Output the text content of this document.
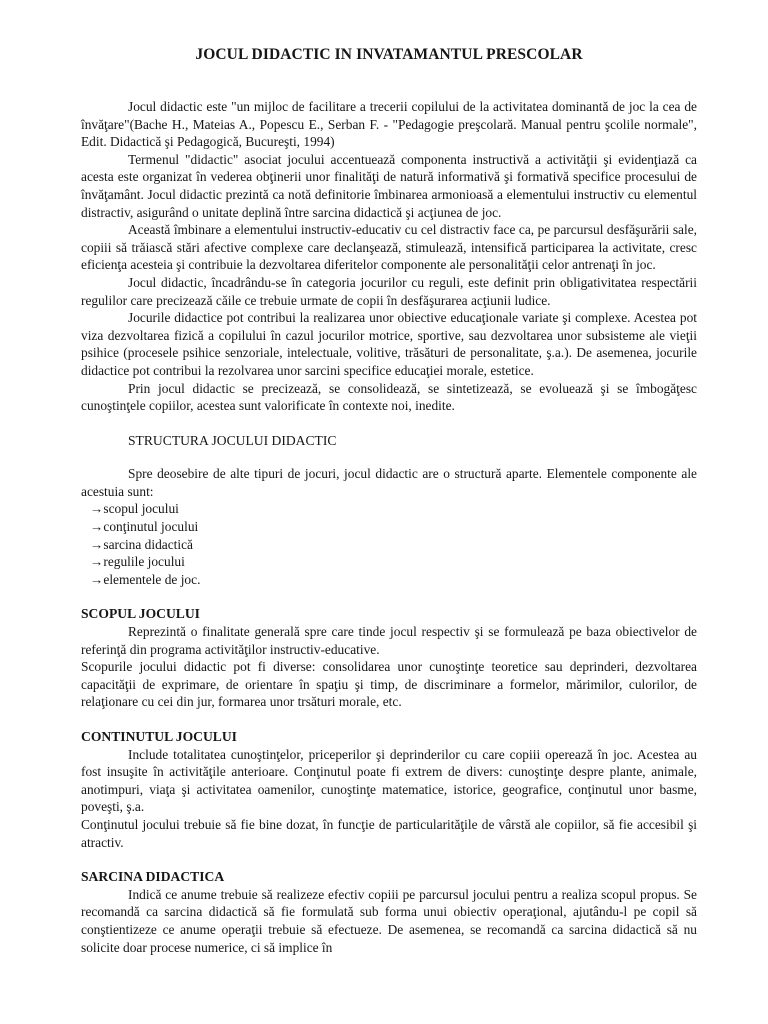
JOCUL DIDACTIC IN INVATAMANTUL PRESCOLAR

Jocul didactic este "un mijloc de facilitare a trecerii copilului de la activitatea dominantă de joc la cea de învăţare"(Bache H., Mateias A., Popescu E., Serban F. - "Pedagogie preşcolară. Manual pentru şcolile normale", Edit. Didactică şi Pedagogică, Bucureşti, 1994)

Termenul "didactic" asociat jocului accentuează componenta instructivă a activităţii şi evidenţiază ca acesta este organizat în vederea obţinerii unor finalităţi de natură informativă şi formativă specifice procesului de învăţamânt. Jocul didactic prezintă ca notă definitorie îmbinarea armonioasă a elementului instructiv cu elementul distractiv, asigurând o unitate deplină între sarcina didactică şi acţiunea de joc.

Această îmbinare a elementului instructiv-educativ cu cel distractiv face ca, pe parcursul desfăşurării sale, copiii să trăiască stări afective complexe care declanşează, stimulează, intensifică participarea la activitate, cresc eficienţa acesteia şi contribuie la dezvoltarea diferitelor componente ale personalităţii celor antrenaţi în joc.

Jocul didactic, încadrându-se în categoria jocurilor cu reguli, este definit prin obligativitatea respectării regulilor care precizează căile ce trebuie urmate de copii în desfăşurarea acţiunii ludice.

Jocurile didactice pot contribui la realizarea unor obiective educaţionale variate şi complexe. Acestea pot viza dezvoltarea fizică a copilului în cazul jocurilor motrice, sportive, sau dezvoltarea unor subsisteme ale vieţii psihice (procesele psihice senzoriale, intelectuale, volitive, trăsături de personalitate, ş.a.). De asemenea, jocurile didactice pot contribui la rezolvarea unor sarcini specifice educaţiei morale, estetice.

Prin jocul didactic se precizează, se consolidează, se sintetizează, se evoluează şi se îmbogăţesc cunoştinţele copiilor, acestea sunt valorificate în contexte noi, inedite.

STRUCTURA JOCULUI DIDACTIC

Spre deosebire de alte tipuri de jocuri, jocul didactic are o structură aparte. Elementele componente ale acestuia sunt:

→scopul jocului
→conţinutul jocului
→sarcina didactică
→regulile jocului
→elementele de joc.
SCOPUL JOCULUI

Reprezintă o finalitate generală spre care tinde jocul respectiv şi se formulează pe baza obiectivelor de referinţă din programa activităţilor instructiv-educative.

Scopurile jocului didactic pot fi diverse: consolidarea unor cunoştinţe teoretice sau deprinderi, dezvoltarea capacităţii de exprimare, de orientare în spaţiu şi timp, de discriminare a formelor, mărimilor, culorilor, de relaţionare cu cei din jur, formarea unor trsături morale, etc.

CONTINUTUL JOCULUI

Include totalitatea cunoştinţelor, priceperilor şi deprinderilor cu care copiii operează în joc. Acestea au fost insuşite în activităţile anterioare. Conţinutul poate fi extrem de divers: cunoştinţe despre plante, animale, anotimpuri, viaţa şi activitatea oamenilor, cunoştinţe matematice, istorice, geografice, conţinutul unor basme, poveşti, ş.a.

Conţinutul jocului trebuie să fie bine dozat, în funcţie de particularităţile de vârstă ale copiilor, să fie accesibil şi atractiv.

SARCINA DIDACTICA

Indică ce anume trebuie să realizeze efectiv copiii pe parcursul jocului pentru a realiza scopul propus. Se recomandă ca sarcina didactică să fie formulată sub forma unui obiectiv operaţional, ajutându-l pe copil să conştientizeze ce anume operaţii trebuie să efectueze. De asemenea, se recomandă ca sarcina didactică să nu solicite doar procese numerice, ci să implice în
